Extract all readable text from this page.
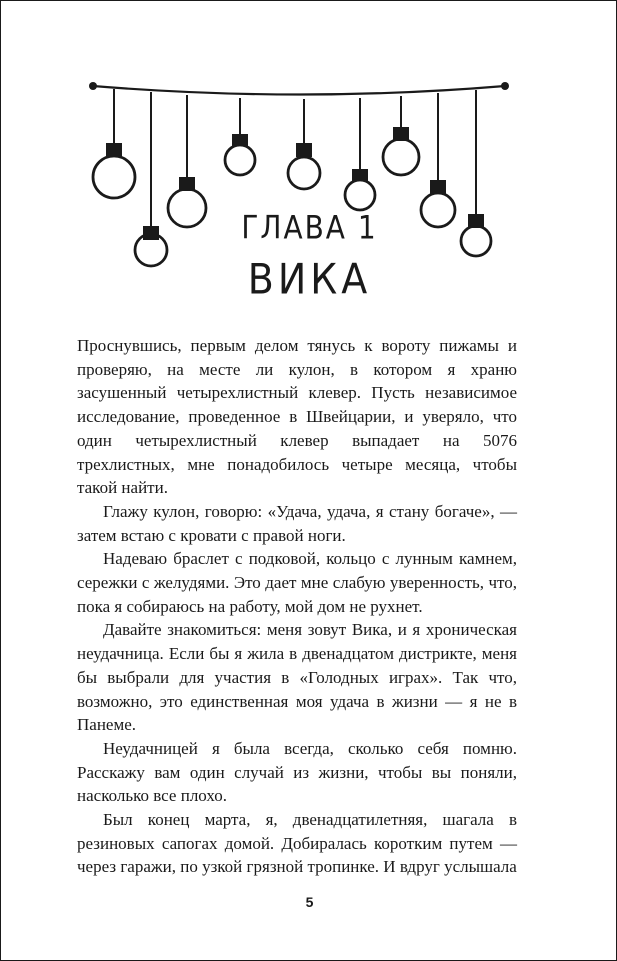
ГЛАВА 1
ВИКА

Проснувшись, первым делом тянусь к вороту пижамы и проверяю, на месте ли кулон, в котором я храню засушенный четырехлистный клевер. Пусть независимое исследование, проведенное в Швейцарии, и уверяло, что один четырехлистный клевер выпадает на 5076 трехлистных, мне понадобилось четыре месяца, чтобы такой найти.

Глажу кулон, говорю: «Удача, удача, я стану богаче», — затем встаю с кровати с правой ноги.

Надеваю браслет с подковой, кольцо с лунным камнем, сережки с желудями. Это дает мне слабую уверенность, что, пока я собираюсь на работу, мой дом не рухнет.

Давайте знакомиться: меня зовут Вика, и я хроническая неудачница. Если бы я жила в двенадцатом дистрикте, меня бы выбрали для участия в «Голодных играх». Так что, возможно, это единственная моя удача в жизни — я не в Панеме.

Неудачницей я была всегда, сколько себя помню. Расскажу вам один случай из жизни, чтобы вы поняли, насколько все плохо.

Был конец марта, я, двенадцатилетняя, шагала в резиновых сапогах домой. Добиралась коротким путем — через гаражи, по узкой грязной тропинке. И вдруг услышала

5
